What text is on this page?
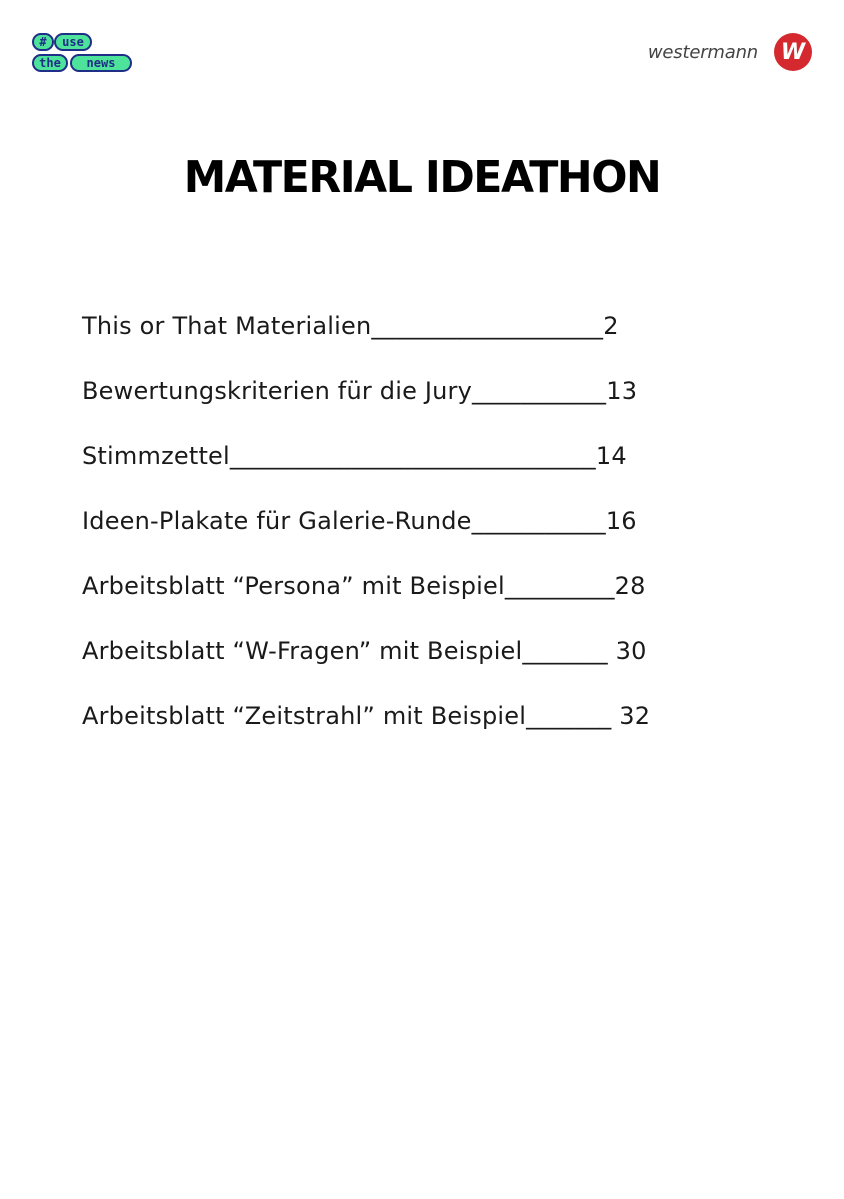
#	use
the	news
westermann	W
MATERIAL IDEATHON
This or That Materialien___________________2
Bewertungskriterien für die Jury___________13
Stimmzettel______________________________14
Ideen-Plakate für Galerie-Runde___________16
Arbeitsblatt “Persona” mit Beispiel_________28
Arbeitsblatt “W-Fragen” mit Beispiel_______ 30
Arbeitsblatt “Zeitstrahl” mit Beispiel_______ 32
